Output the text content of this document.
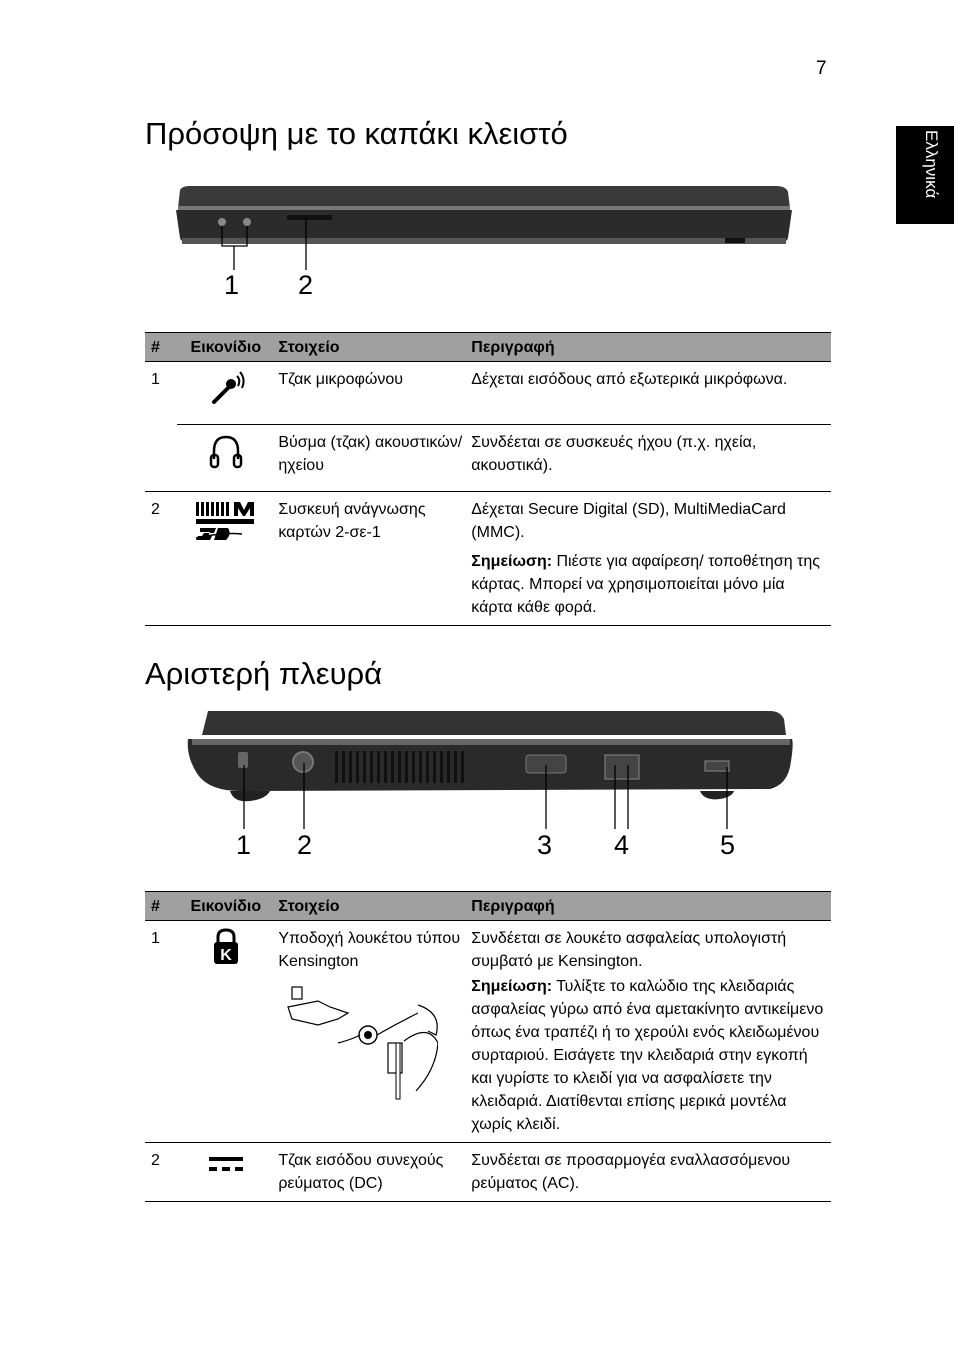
7
Ελληνικά
Πρόσοψη με το καπάκι κλειστό
1 2
#	Εικονίδιο	Στοιχείο	Περιγραφή
1		Τζακ μικροφώνου	Δέχεται εισόδους από εξωτερικά μικρόφωνα.
		Βύσμα (τζακ) ακουστικών/ηχείου	Συνδέεται σε συσκευές ήχου (π.χ. ηχεία, ακουστικά).
2		Συσκευή ανάγνωσης καρτών 2-σε-1	Δέχεται Secure Digital (SD), MultiMediaCard (MMC).

Σημείωση: Πιέστε για αφαίρεση/ τοποθέτηση της κάρτας. Μπορεί να χρησιμοποιείται μόνο μία κάρτα κάθε φορά.

Αριστερή πλευρά
1 2	3 4	5
#	Εικονίδιο	Στοιχείο	Περιγραφή
1	K	Υποδοχή λουκέτου τύπου Kensington	Συνδέεται σε λουκέτο ασφαλείας υπολογιστή συμβατό με Kensington.

Σημείωση: Τυλίξτε το καλώδιο της κλειδαριάς ασφαλείας γύρω από ένα αμετακίνητο αντικείμενο όπως ένα τραπέζι ή το χερούλι ενός κλειδωμένου συρταριού. Εισάγετε την κλειδαριά στην εγκοπή και γυρίστε το κλειδί για να ασφαλίσετε την κλειδαριά. Διατίθενται επίσης μερικά μοντέλα χωρίς κλειδί.

2		Τζακ εισόδου συνεχούς ρεύματος (DC)	Συνδέεται σε προσαρμογέα εναλλασσόμενου ρεύματος (AC).
